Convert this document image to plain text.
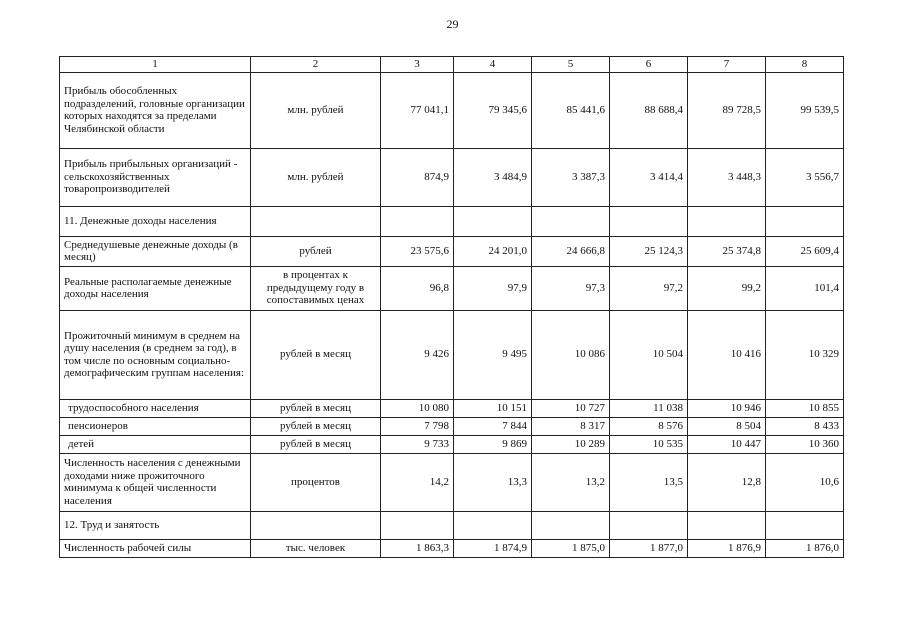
29
1	2	3	4	5	6	7	8
Прибыль обособленных подразделений, головные организации которых находятся за пределами Челябинской области	млн. рублей	77 041,1	79 345,6	85 441,6	88 688,4	89 728,5	99 539,5
Прибыль прибыльных организаций - сельскохозяйственных товаропроизводителей	млн. рублей	874,9	3 484,9	3 387,3	3 414,4	3 448,3	3 556,7
11. Денежные доходы населения							
Среднедушевые денежные доходы (в месяц)	рублей	23 575,6	24 201,0	24 666,8	25 124,3	25 374,8	25 609,4
Реальные располагаемые денежные доходы населения	в процентах к предыдущему году в сопоставимых ценах	96,8	97,9	97,3	97,2	99,2	101,4
Прожиточный минимум в среднем на душу населения (в среднем за год), в том числе по основным социально-демографическим группам населения:	рублей в месяц	9 426	9 495	10 086	10 504	10 416	10 329
трудоспособного населения	рублей в месяц	10 080	10 151	10 727	11 038	10 946	10 855
пенсионеров	рублей в месяц	7 798	7 844	8 317	8 576	8 504	8 433
детей	рублей в месяц	9 733	9 869	10 289	10 535	10 447	10 360
Численность населения с денежными доходами ниже прожиточного минимума к общей численности населения	процентов	14,2	13,3	13,2	13,5	12,8	10,6
12. Труд и занятость							
Численность рабочей силы	тыс. человек	1 863,3	1 874,9	1 875,0	1 877,0	1 876,9	1 876,0
